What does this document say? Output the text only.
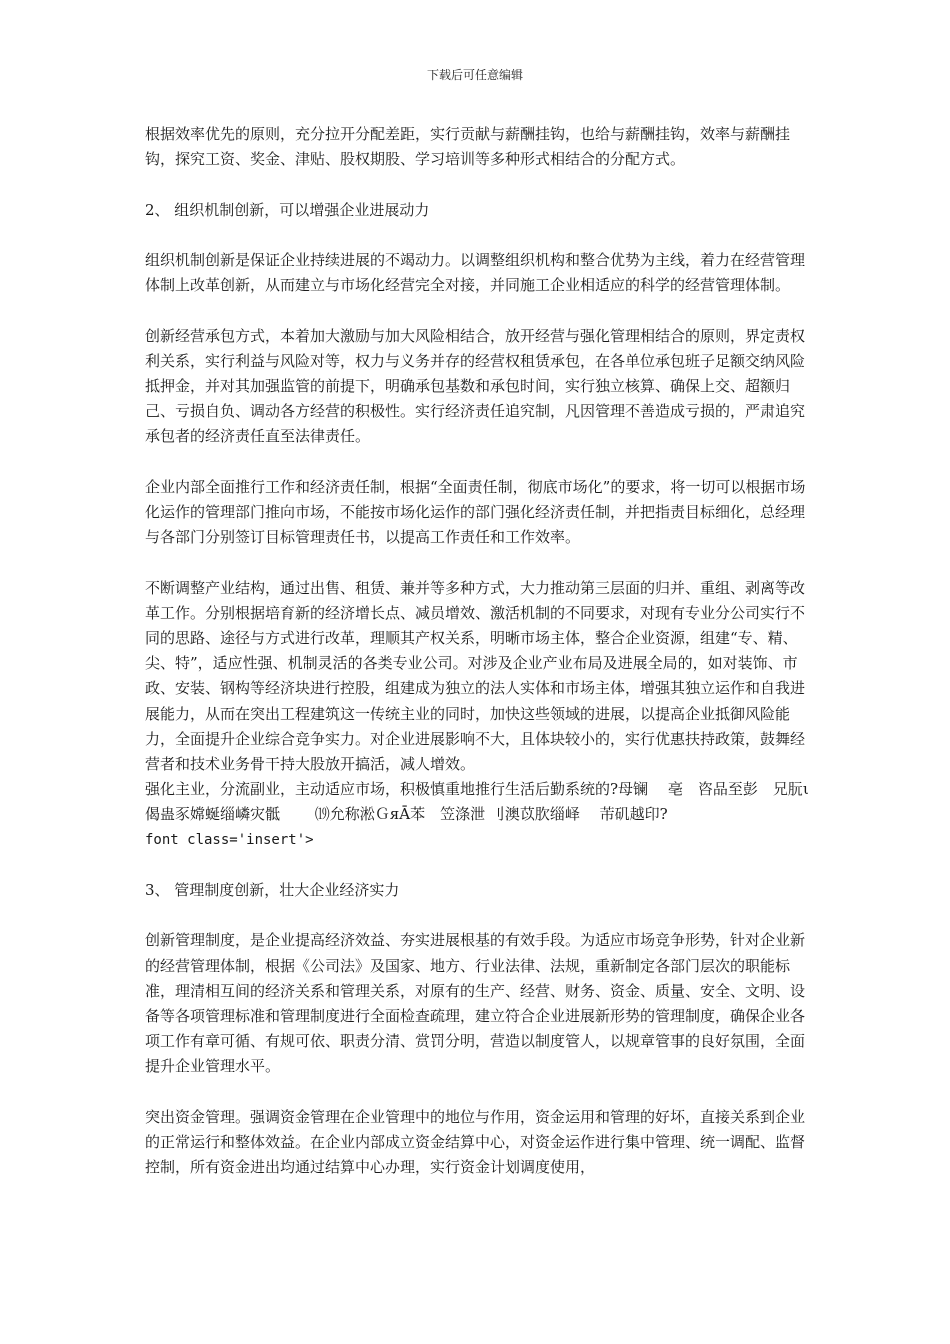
下载后可任意编辑

根据效率优先的原则，充分拉开分配差距，实行贡献与薪酬挂钩，也给与薪酬挂钩，效率与薪酬挂钩，探究工资、奖金、津贴、股权期股、学习培训等多种形式相结合的分配方式。

2、 组织机制创新，可以增强企业进展动力

组织机制创新是保证企业持续进展的不竭动力。以调整组织机构和整合优势为主线，着力在经营管理体制上改革创新，从而建立与市场化经营完全对接，并同施工企业相适应的科学的经营管理体制。

创新经营承包方式，本着加大激励与加大风险相结合，放开经营与强化管理相结合的原则，界定责权利关系，实行利益与风险对等，权力与义务并存的经营权租赁承包，在各单位承包班子足额交纳风险抵押金，并对其加强监管的前提下，明确承包基数和承包时间，实行独立核算、确保上交、超额归己、亏损自负、调动各方经营的积极性。实行经济责任追究制，凡因管理不善造成亏损的，严肃追究承包者的经济责任直至法律责任。

企业内部全面推行工作和经济责任制，根据“全面责任制，彻底市场化”的要求，将一切可以根据市场化运作的管理部门推向市场，不能按市场化运作的部门强化经济责任制，并把指责目标细化，总经理与各部门分别签订目标管理责任书，以提高工作责任和工作效率。

不断调整产业结构，通过出售、租赁、兼并等多种方式，大力推动第三层面的归并、重组、剥离等改革工作。分别根据培育新的经济增长点、减员增效、激活机制的不同要求，对现有专业分公司实行不同的思路、途径与方式进行改革，理顺其产权关系，明晰市场主体，整合企业资源，组建“专、精、尖、特”，适应性强、机制灵活的各类专业公司。对涉及企业产业布局及进展全局的，如对装饰、市政、安装、钢构等经济块进行控股，组建成为独立的法人实体和市场主体，增强其独立运作和自我进展能力，从而在突出工程建筑这一传统主业的同时，加快这些领域的进展，以提高企业抵御风险能力，全面提升企业综合竞争实力。对企业进展影响不大，且体块较小的，实行优惠扶持政策，鼓舞经营者和技术业务骨干持大股放开搞活，减人增效。

强化主业，分流副业，主动适应市场，积极慎重地推行生活后勤系统的?母镧　 亳　咨品至彭　兄朊ι　 偈蛊豕嫦蜒缁嶙灾骶　　 ⒆允称淞ＧяĀ苯　笠涤泄 刂澳苡肷缁峄　 芾矶越印?

font class='insert'>

3、 管理制度创新，壮大企业经济实力

创新管理制度，是企业提高经济效益、夯实进展根基的有效手段。为适应市场竞争形势，针对企业新的经营管理体制，根据《公司法》及国家、地方、行业法律、法规，重新制定各部门层次的职能标准，理清相互间的经济关系和管理关系，对原有的生产、经营、财务、资金、质量、安全、文明、设备等各项管理标准和管理制度进行全面检查疏理，建立符合企业进展新形势的管理制度，确保企业各项工作有章可循、有规可依、职责分清、赏罚分明，营造以制度管人，以规章管事的良好氛围，全面提升企业管理水平。

突出资金管理。强调资金管理在企业管理中的地位与作用，资金运用和管理的好坏，直接关系到企业的正常运行和整体效益。在企业内部成立资金结算中心，对资金运作进行集中管理、统一调配、监督控制，所有资金进出均通过结算中心办理，实行资金计划调度使用，
